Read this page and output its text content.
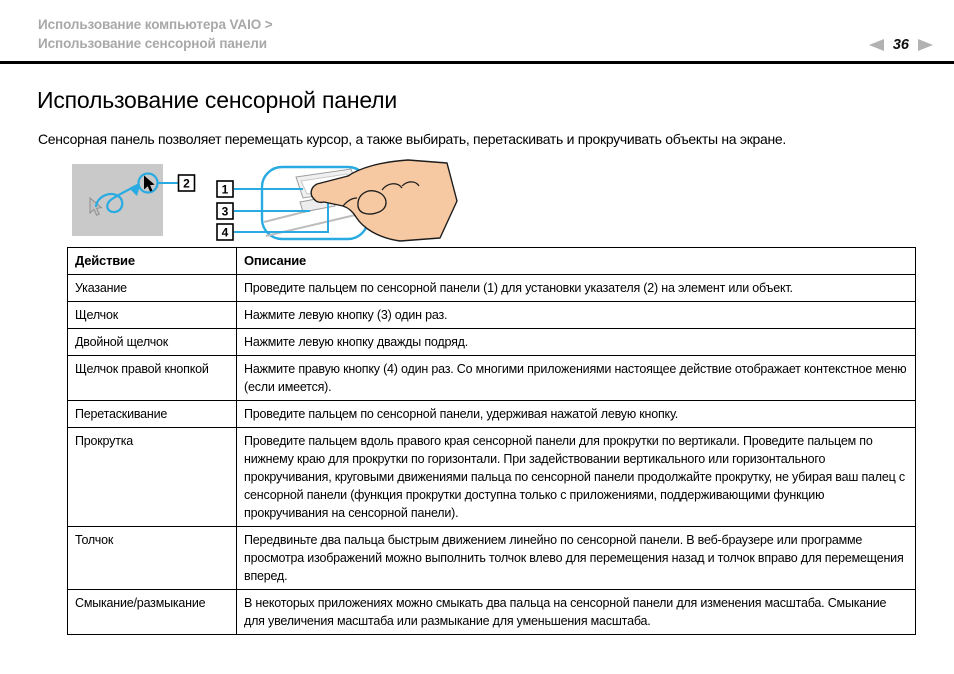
Использование компьютера VAIO >
Использование сенсорной панели	36
Использование сенсорной панели

Сенсорная панель позволяет перемещать курсор, а также выбирать, перетаскивать и прокручивать объекты на экране.

2	1
3
4
Действие	Описание
Указание	Проведите пальцем по сенсорной панели (1) для установки указателя (2) на элемент или объект.
Щелчок	Нажмите левую кнопку (3) один раз.
Двойной щелчок	Нажмите левую кнопку дважды подряд.
Щелчок правой кнопкой	Нажмите правую кнопку (4) один раз. Со многими приложениями настоящее действие отображает контекстное меню (если имеется).
Перетаскивание	Проведите пальцем по сенсорной панели, удерживая нажатой левую кнопку.
Прокрутка	Проведите пальцем вдоль правого края сенсорной панели для прокрутки по вертикали. Проведите пальцем по нижнему краю для прокрутки по горизонтали. При задействовании вертикального или горизонтального прокручивания, круговыми движениями пальца по сенсорной панели продолжайте прокрутку, не убирая ваш палец с сенсорной панели (функция прокрутки доступна только с приложениями, поддерживающими функцию прокручивания на сенсорной панели).
Толчок	Передвиньте два пальца быстрым движением линейно по сенсорной панели. В веб-браузере или программе просмотра изображений можно выполнить толчок влево для перемещения назад и толчок вправо для перемещения вперед.
Смыкание/размыкание	В некоторых приложениях можно смыкать два пальца на сенсорной панели для изменения масштаба. Смыкание для увеличения масштаба или размыкание для уменьшения масштаба.
